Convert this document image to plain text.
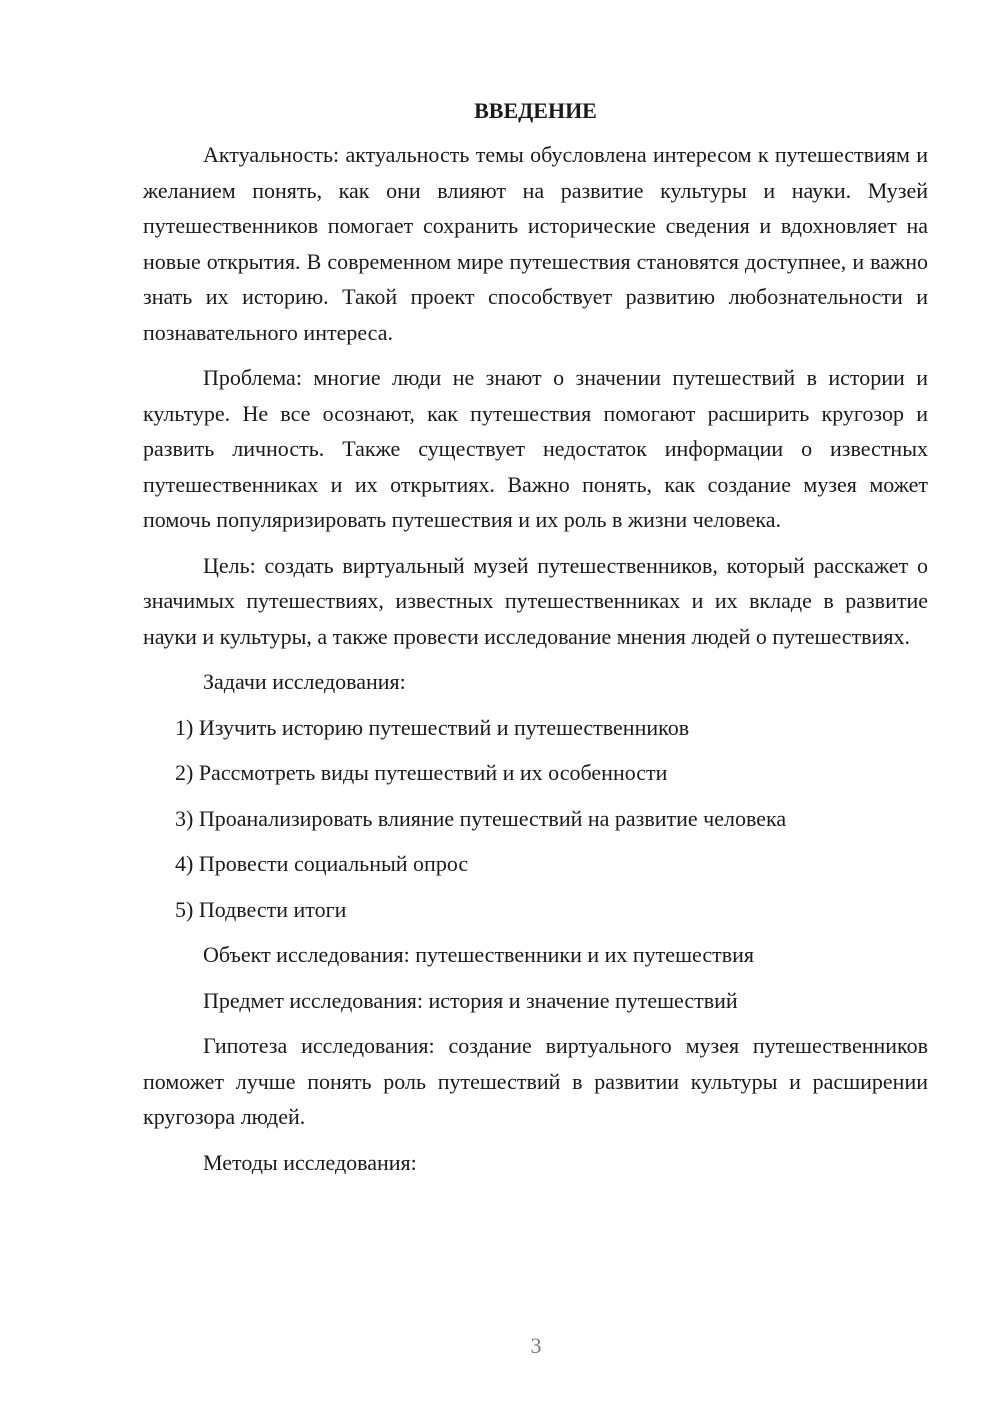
ВВЕДЕНИЕ

Актуальность: актуальность темы обусловлена интересом к путешествиям и желанием понять, как они влияют на развитие культуры и науки. Музей путешественников помогает сохранить исторические сведения и вдохновляет на новые открытия. В современном мире путешествия становятся доступнее, и важно знать их историю. Такой проект способствует развитию любознательности и познавательного интереса.

Проблема: многие люди не знают о значении путешествий в истории и культуре. Не все осознают, как путешествия помогают расширить кругозор и развить личность. Также существует недостаток информации о известных путешественниках и их открытиях. Важно понять, как создание музея может помочь популяризировать путешествия и их роль в жизни человека.

Цель: создать виртуальный музей путешественников, который расскажет о значимых путешествиях, известных путешественниках и их вкладе в развитие науки и культуры, а также провести исследование мнения людей о путешествиях.

Задачи исследования:
1) Изучить историю путешествий и путешественников
2) Рассмотреть виды путешествий и их особенности
3) Проанализировать влияние путешествий на развитие человека
4) Провести социальный опрос
5) Подвести итоги
Объект исследования: путешественники и их путешествия
Предмет исследования: история и значение путешествий

Гипотеза исследования: создание виртуального музея путешественников поможет лучше понять роль путешествий в развитии культуры и расширении кругозора людей.

Методы исследования:
3
